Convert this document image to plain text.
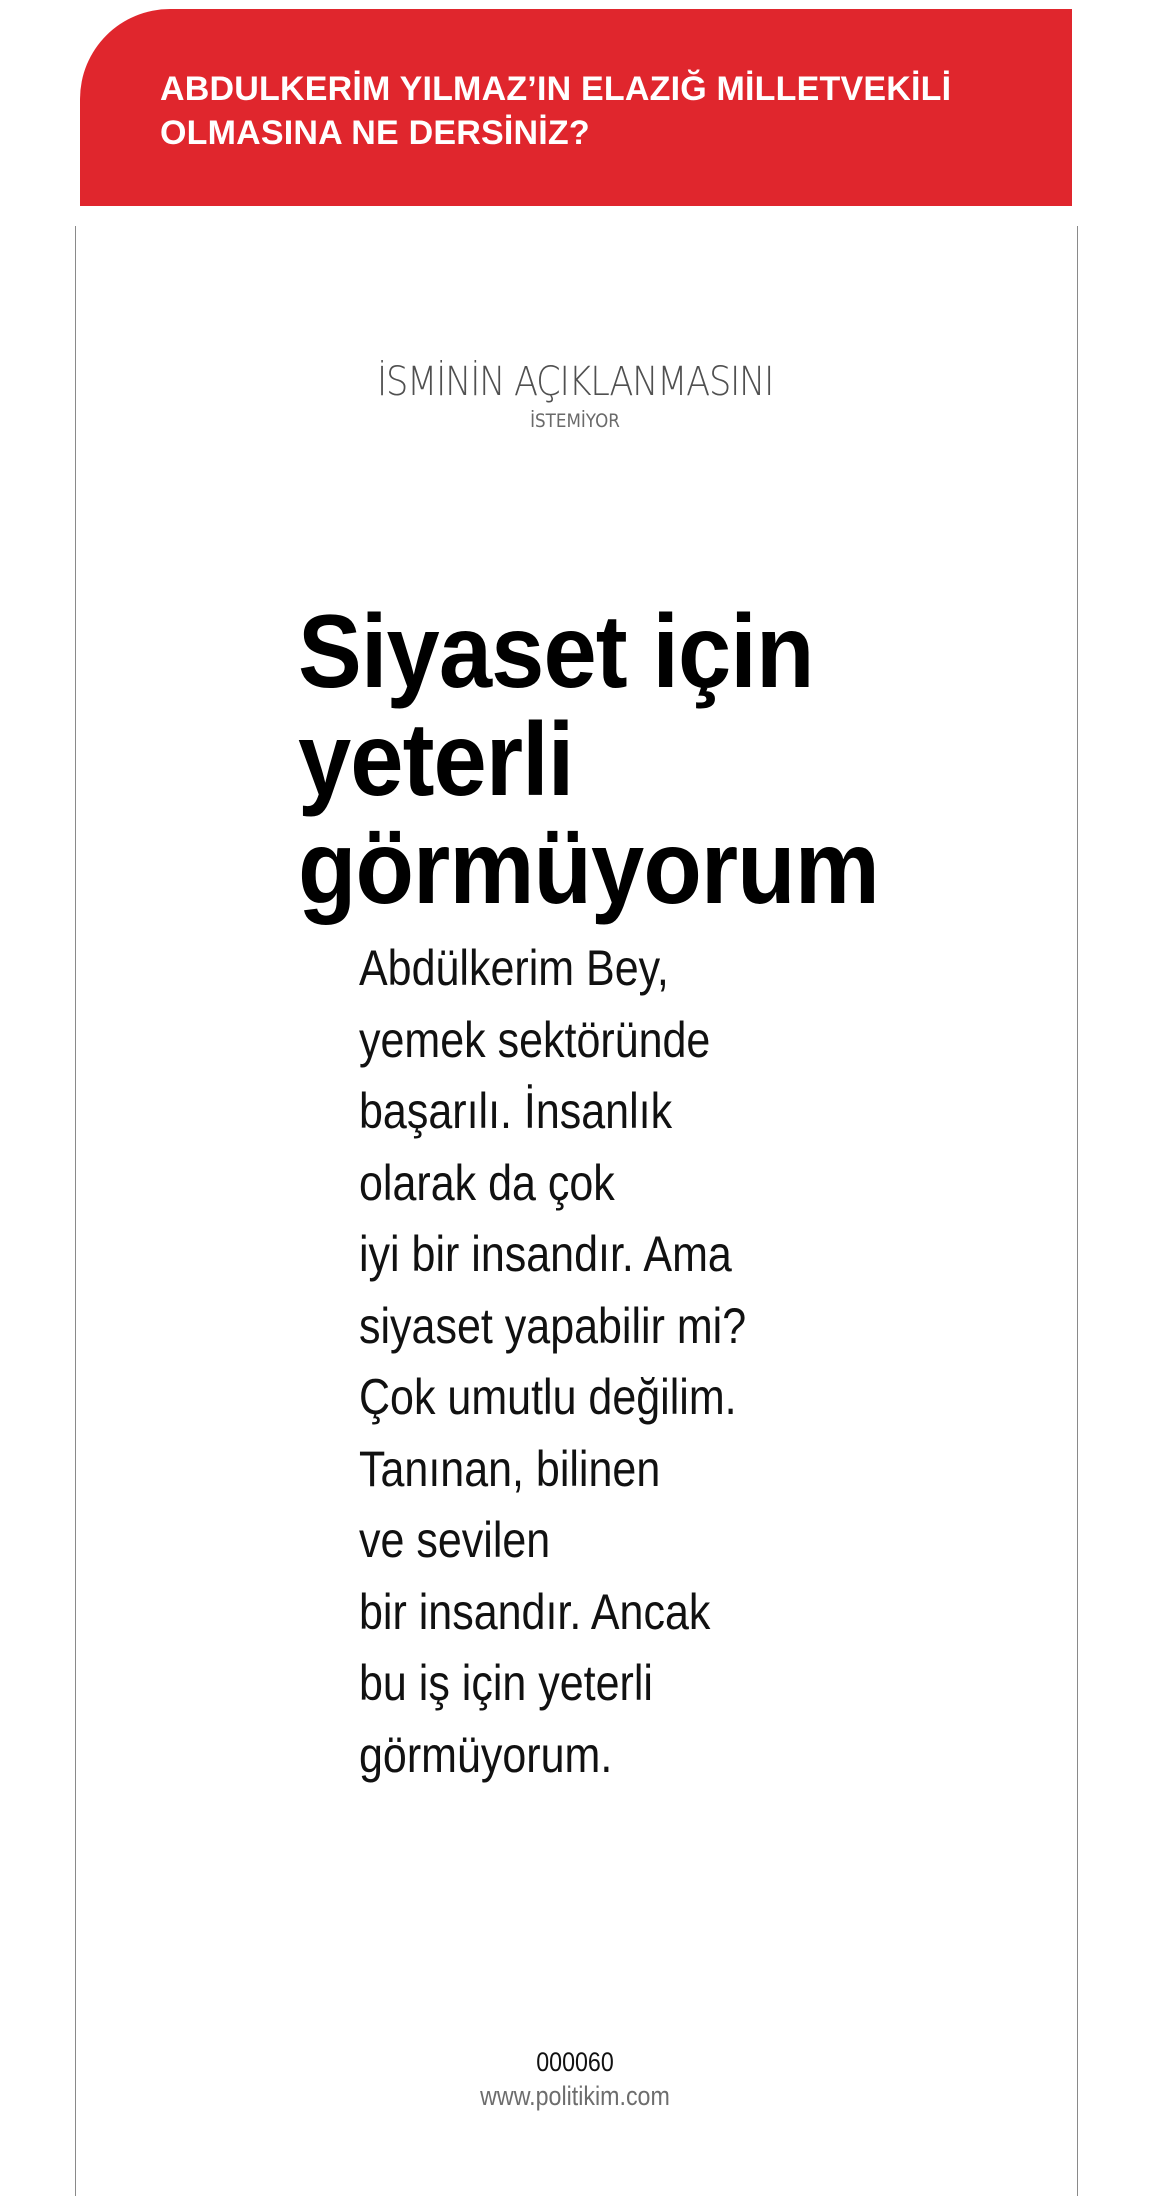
ABDULKERİM YILMAZ’IN ELAZIĞ MİLLETVEKİLİ
OLMASINA NE DERSİNİZ?
İSMİNİN AÇIKLANMASINI
İSTEMİYOR
Siyaset için
yeterli
görmüyorum

Abdülkerim Bey,
yemek sektöründe
başarılı. İnsanlık
olarak da çok
iyi bir insandır. Ama
siyaset yapabilir mi?
Çok umutlu değilim.
Tanınan, bilinen
ve sevilen
bir insandır. Ancak
bu iş için yeterli
görmüyorum.

000060
www.politikim.com
